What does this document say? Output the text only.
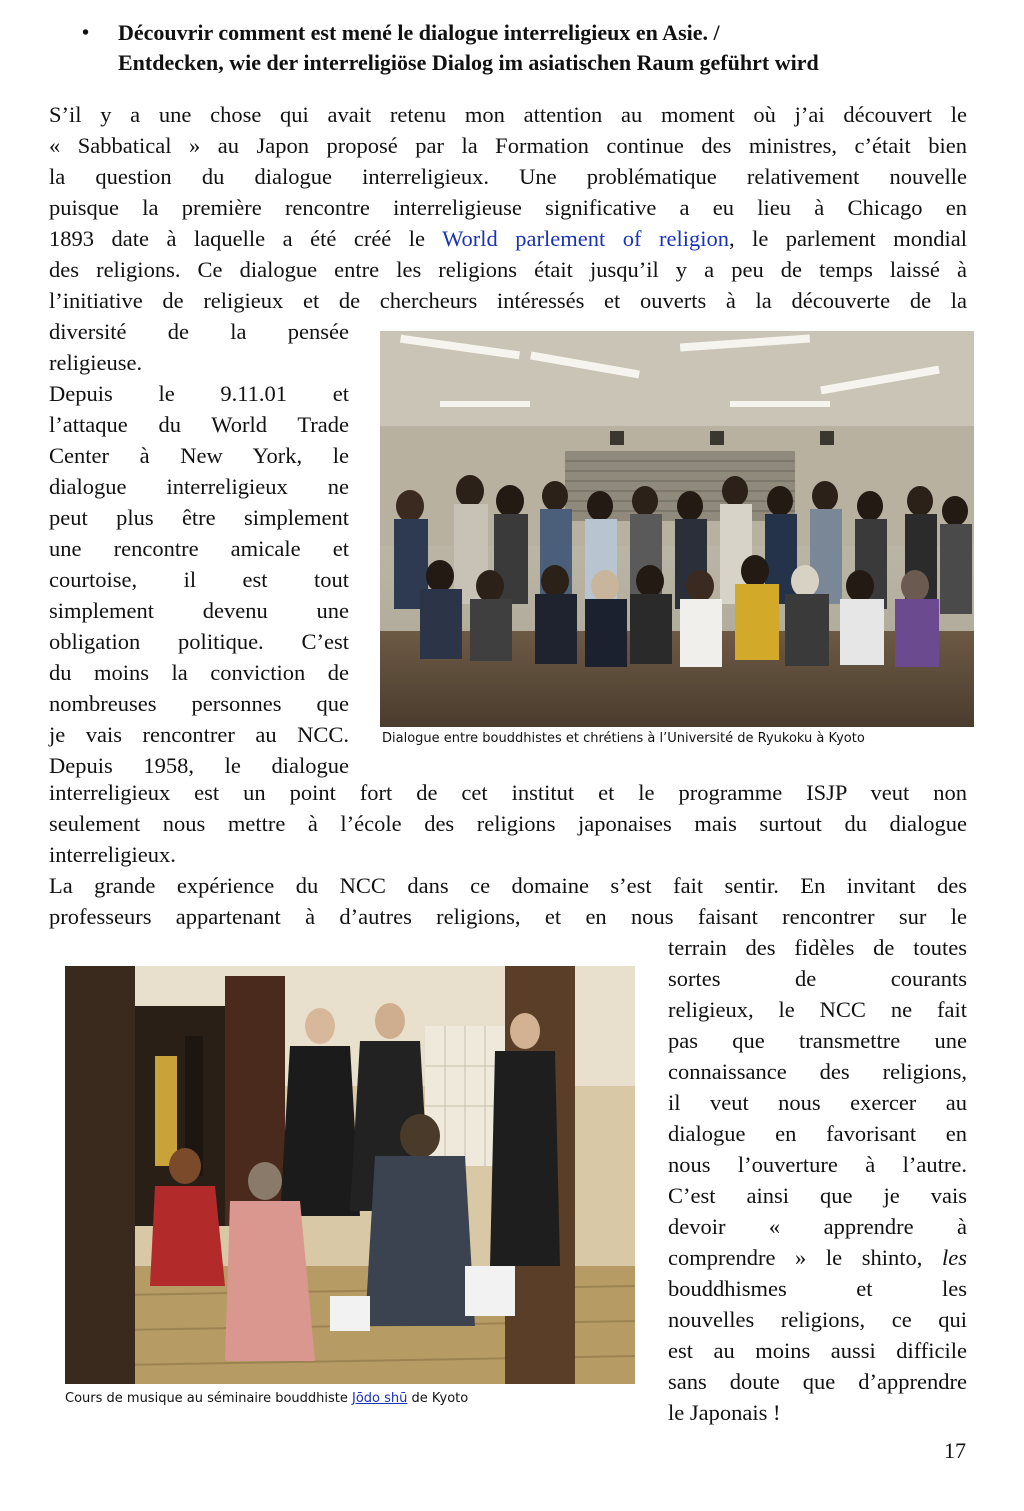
• Découvrir comment est mené le dialogue interreligieux en Asie. /
Entdecken, wie der interreligiöse Dialog im asiatischen Raum geführt wird
S’il y a une chose qui avait retenu mon attention au moment où j’ai découvert le
« Sabbatical » au Japon proposé par la Formation continue des ministres, c’était bien
la question du dialogue interreligieux. Une problématique relativement nouvelle
puisque la première rencontre interreligieuse significative a eu lieu à Chicago en
1893 date à laquelle a été créé le World parlement of religion, le parlement mondial
des religions. Ce dialogue entre les religions était jusqu’il y a peu de temps laissé à
l’initiative de religieux et de chercheurs intéressés et ouverts à la découverte de la
diversité de la pensée
religieuse.
Depuis le 9.11.01 et
l’attaque du World Trade
Center à New York, le
dialogue interreligieux ne
peut plus être simplement
une rencontre amicale et
courtoise, il est tout
simplement devenu une
obligation politique. C’est
du moins la conviction de
nombreuses personnes que
je vais rencontrer au NCC.
Depuis 1958, le dialogue
Dialogue entre bouddhistes et chrétiens à l’Université de Ryukoku à Kyoto
interreligieux est un point fort de cet institut et le programme ISJP veut non
seulement nous mettre à l’école des religions japonaises mais surtout du dialogue
interreligieux.
La grande expérience du NCC dans ce domaine s’est fait sentir. En invitant des
professeurs appartenant à d’autres religions, et en nous faisant rencontrer sur le
Cours de musique au séminaire bouddhiste Jōdo shū de Kyoto
terrain des fidèles de toutes
sortes de courants
religieux, le NCC ne fait
pas que transmettre une
connaissance des religions,
il veut nous exercer au
dialogue en favorisant en
nous l’ouverture à l’autre.
C’est ainsi que je vais
devoir « apprendre à
comprendre » le shinto, les
bouddhismes et les
nouvelles religions, ce qui
est au moins aussi difficile
sans doute que d’apprendre
le Japonais !
17
